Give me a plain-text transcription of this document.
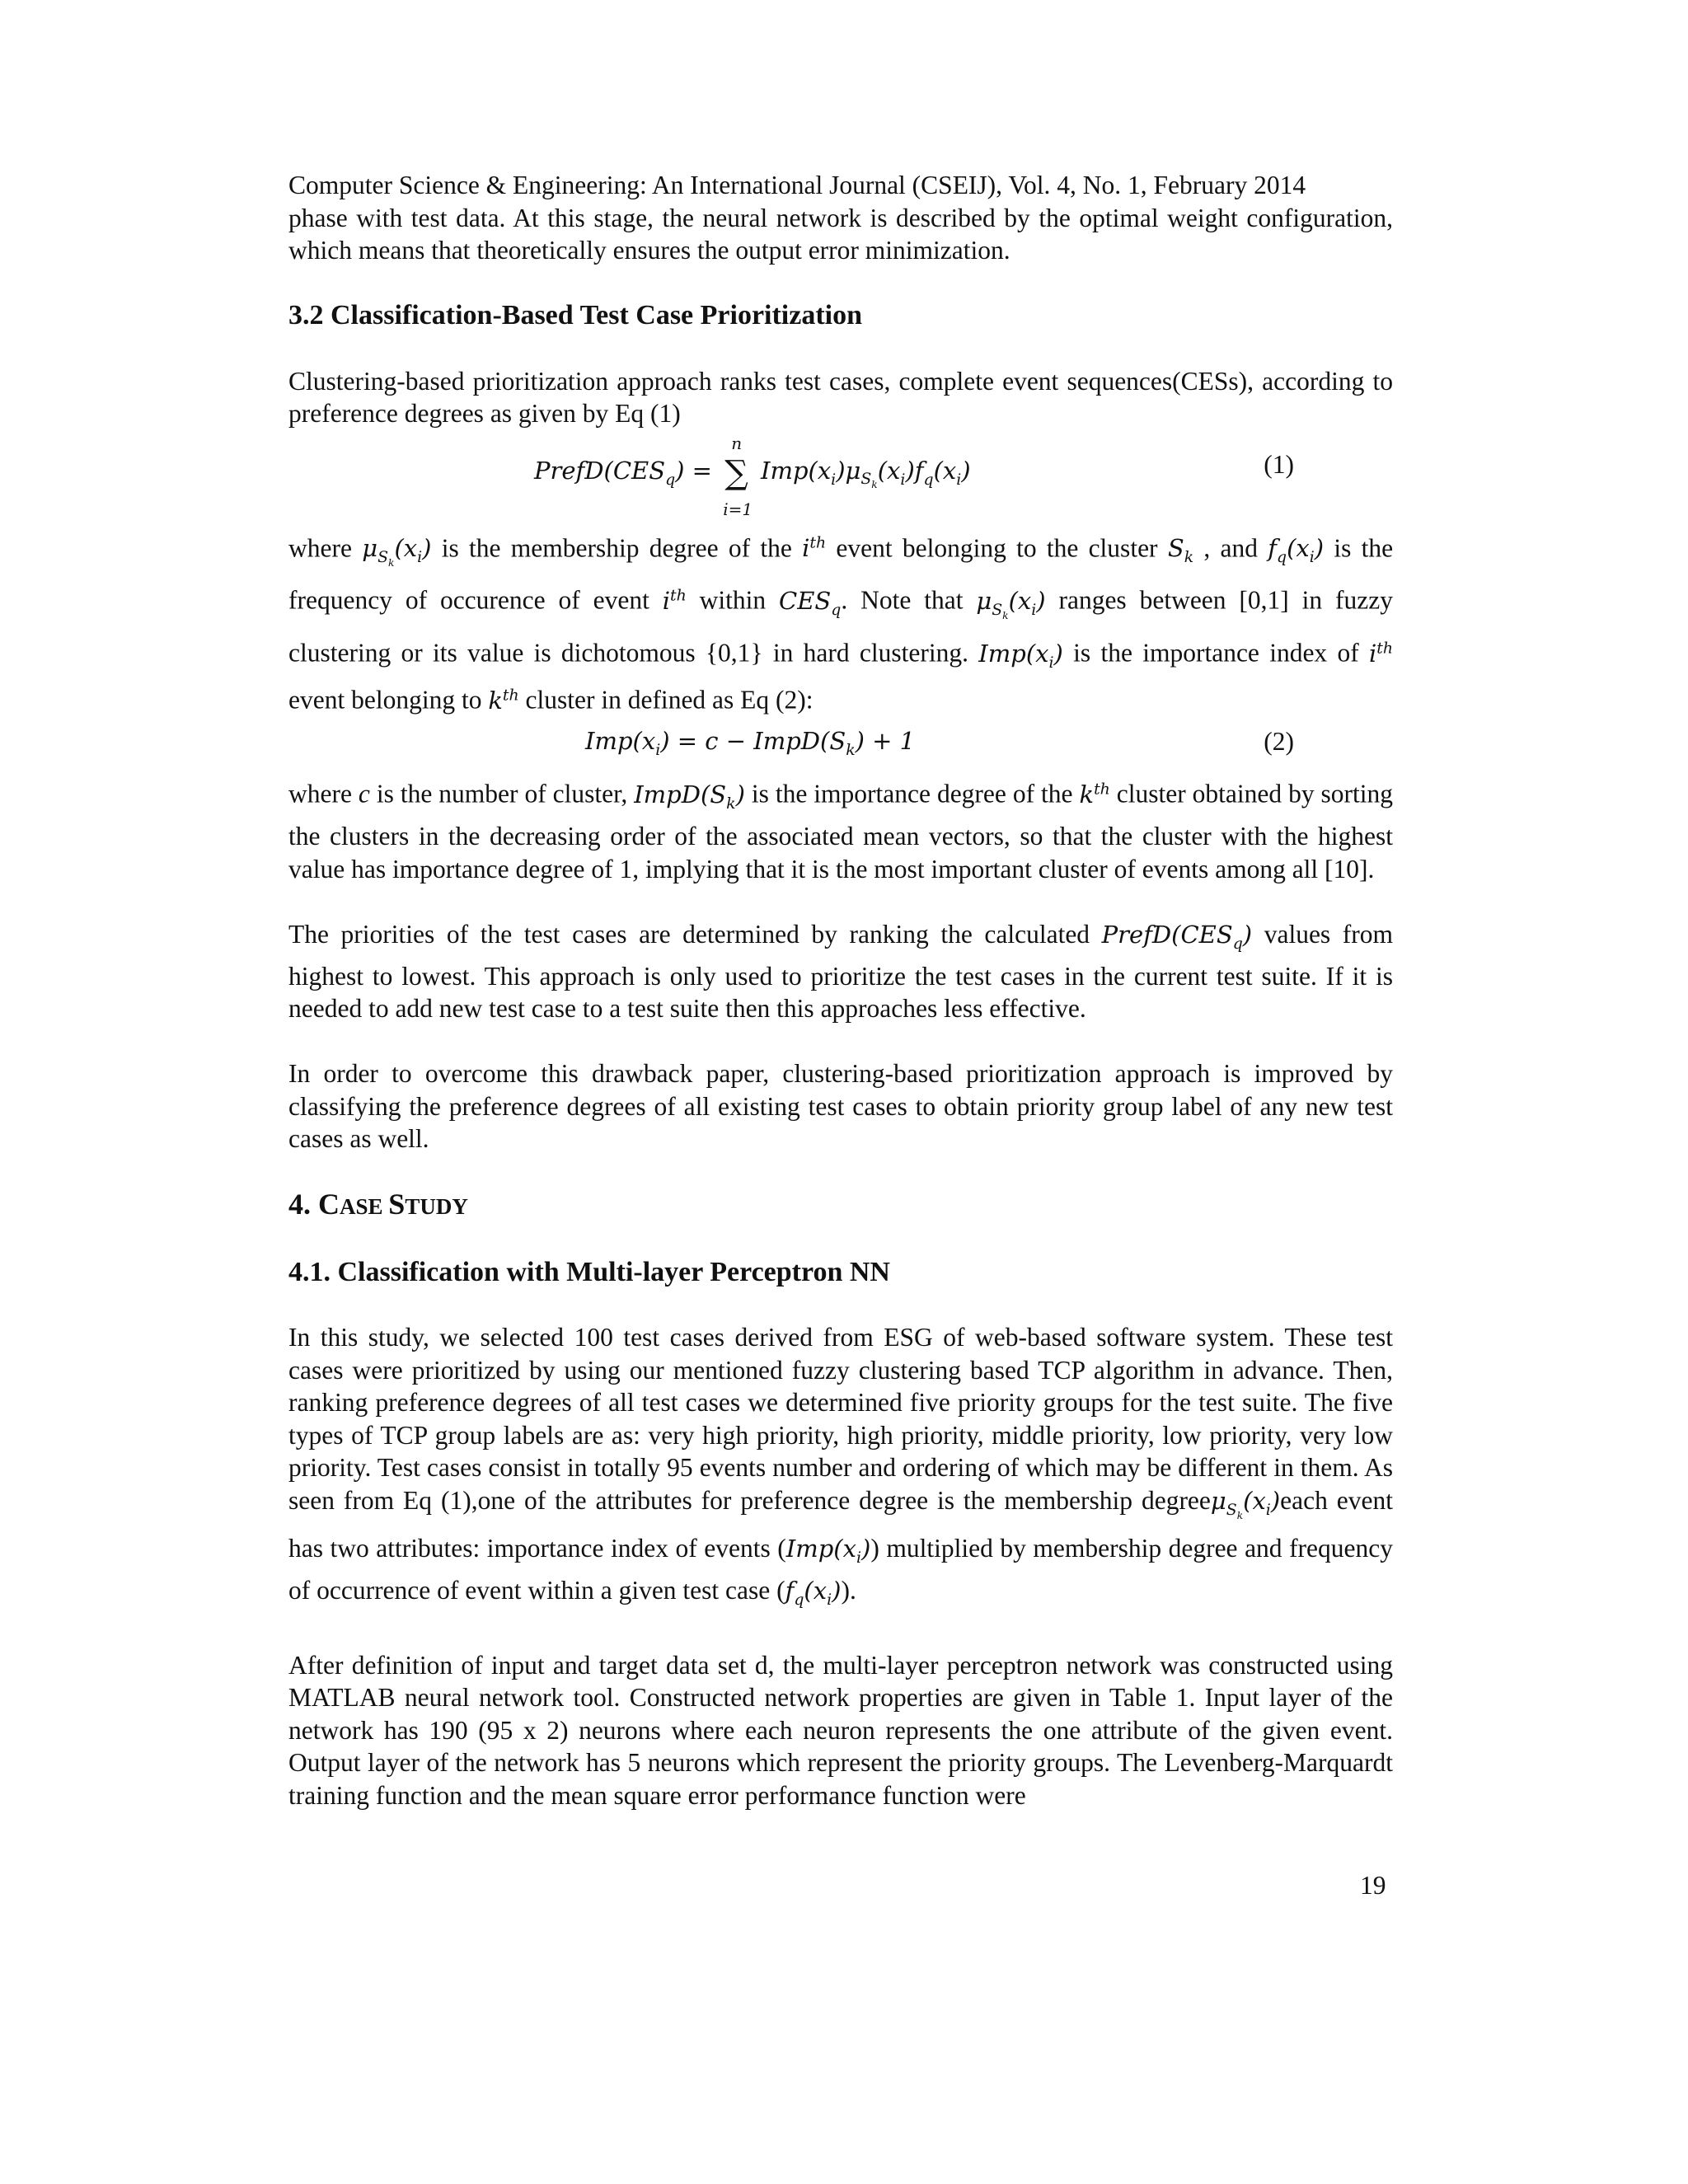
Computer Science & Engineering: An International Journal (CSEIJ), Vol. 4, No. 1, February 2014

phase with test data. At this stage, the neural network is described by the optimal weight configuration, which means that theoretically ensures the output error minimization.

3.2 Classification-Based Test Case Prioritization

Clustering-based prioritization approach ranks test cases, complete event sequences(CESs), according to preference degrees as given by Eq (1)

$PrefD(CES_q)$ = ∑
n
i=1
$Imp(x_i)\mu_{S_k}(x_i)f_q(x_i)$	(1)

where $\mu_{S_k}(x_i)$ is the membership degree of the $i^{th}$ event belonging to the cluster $S_k$ , and $f_q(x_i)$ is the frequency of occurence of event $i^{th}$ within $CES_q$. Note that $\mu_{S_k}(x_i)$ ranges between [0,1] in fuzzy clustering or its value is dichotomous {0,1} in hard clustering. $Imp(x_i)$ is the importance index of $i^{th}$ event belonging to $k^{th}$ cluster in defined as Eq (2):

$Imp(x_i) = c$ − $ImpD(S_k) + 1$	(2)

where c is the number of cluster, $ImpD(S_k)$ is the importance degree of the $k^{th}$ cluster obtained by sorting the clusters in the decreasing order of the associated mean vectors, so that the cluster with the highest value has importance degree of 1, implying that it is the most important cluster of events among all [10].

The priorities of the test cases are determined by ranking the calculated $PrefD(CES_q)$ values from highest to lowest. This approach is only used to prioritize the test cases in the current test suite. If it is needed to add new test case to a test suite then this approaches less effective.

In order to overcome this drawback paper, clustering-based prioritization approach is improved by classifying the preference degrees of all existing test cases to obtain priority group label of any new test cases as well.

4. CASE STUDY
4.1. Classification with Multi-layer Perceptron NN

In this study, we selected 100 test cases derived from ESG of web-based software system. These test cases were prioritized by using our mentioned fuzzy clustering based TCP algorithm in advance. Then, ranking preference degrees of all test cases we determined five priority groups for the test suite. The five types of TCP group labels are as: very high priority, high priority, middle priority, low priority, very low priority. Test cases consist in totally 95 events number and ordering of which may be different in them. As seen from Eq (1),one of the attributes for preference degree is the membership $degree\mu_{S_k}(x_i)each$ event has two attributes: importance index of events $(Imp(x_i))$ multiplied by membership degree and frequency of occurrence of event within a given test case $(f_q(x_i))$.

After definition of input and target data set d, the multi-layer perceptron network was constructed using MATLAB neural network tool. Constructed network properties are given in Table 1. Input layer of the network has 190 (95 x 2) neurons where each neuron represents the one attribute of the given event. Output layer of the network has 5 neurons which represent the priority groups. The Levenberg-Marquardt training function and the mean square error performance function were

19
